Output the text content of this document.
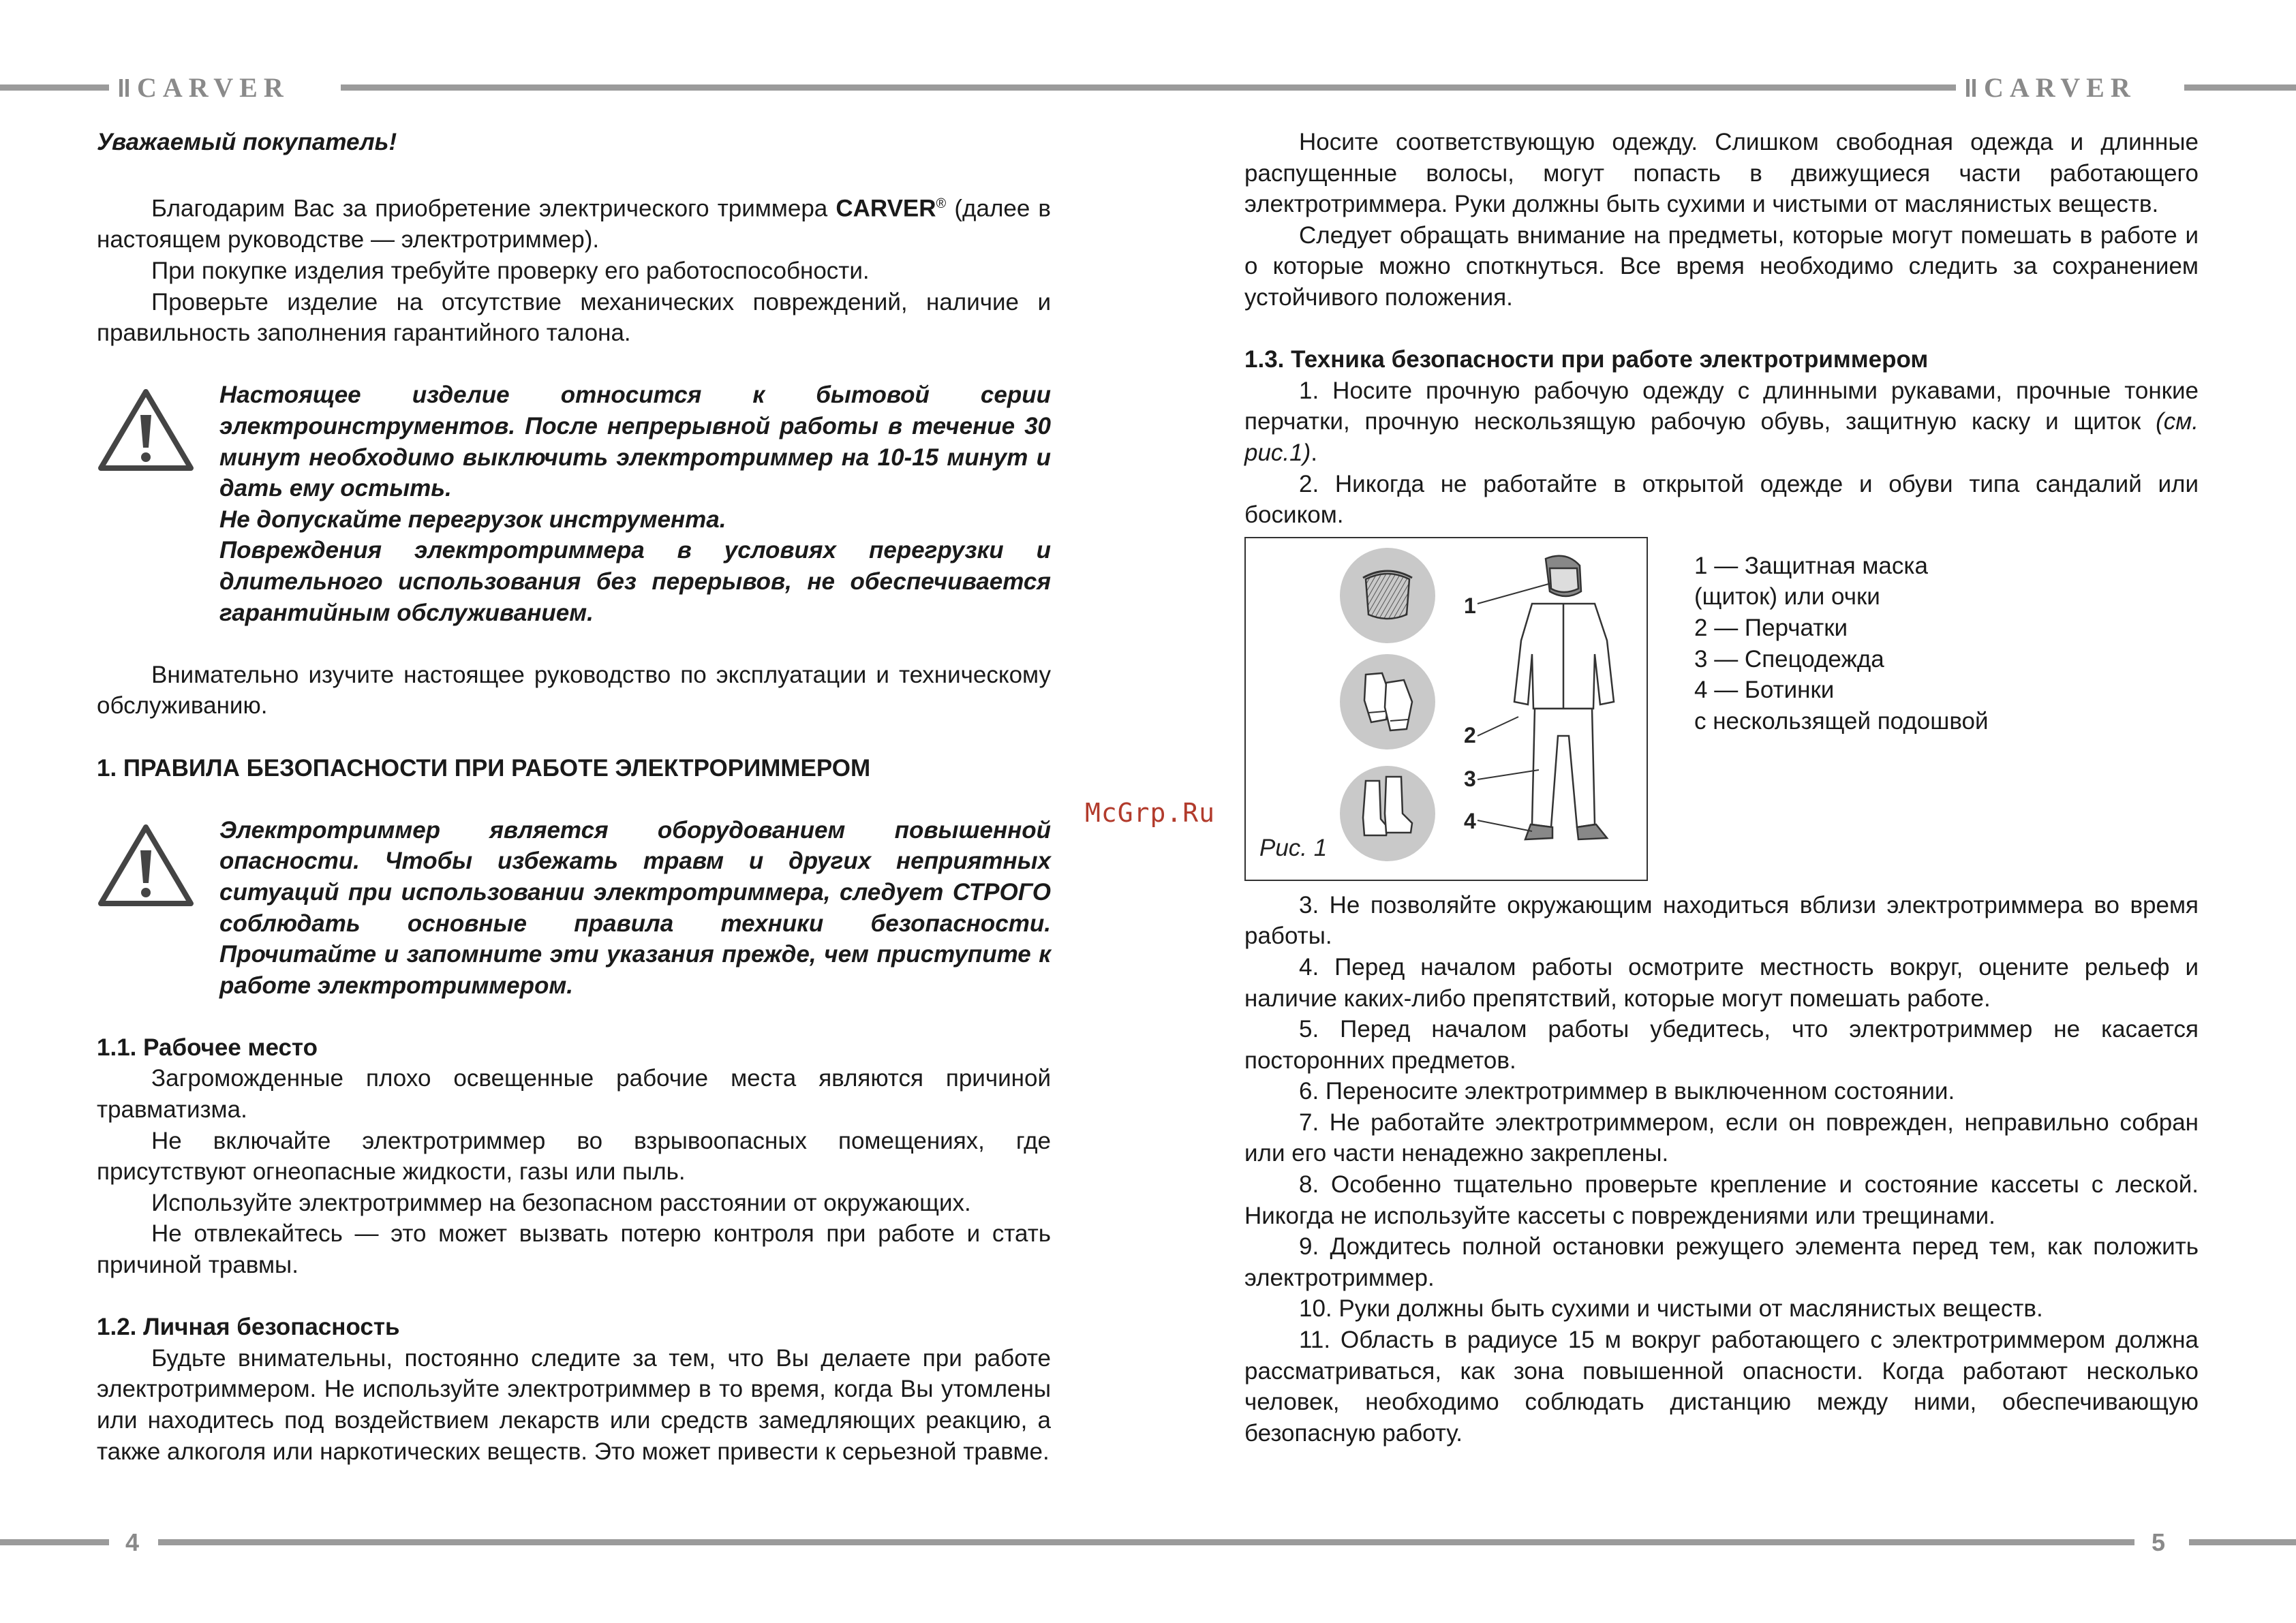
CARVER	CARVER
4	5
McGrp.Ru

Уважаемый покупатель!

Благодарим Вас за приобретение электрического триммера CARVER® (далее в настоящем руководстве — электротриммер).

При покупке изделия требуйте проверку его работоспособности.

Проверьте изделие на отсутствие механических повреждений, наличие и правильность заполнения гарантийного талона.

Настоящее изделие относится к бытовой серии электроинструментов. После непрерывной работы в течение 30 минут необходимо выключить электротриммер на 10-15 минут и дать ему остыть.

Не допускайте перегрузок инструмента.

Повреждения электротриммера в условиях перегрузки и длительного использования без перерывов, не обеспечивается гарантийным обслуживанием.

Внимательно изучите настоящее руководство по эксплуатации и техническому обслуживанию.

1. ПРАВИЛА БЕЗОПАСНОСТИ ПРИ РАБОТЕ ЭЛЕКТРОРИММЕРОМ

Электротриммер является оборудованием повышенной опасности. Чтобы избежать травм и других неприятных ситуаций при использовании электротриммера, следует СТРОГО соблюдать основные правила техники безопасности. Прочитайте и запомните эти указания прежде, чем приступите к работе электротриммером.

1.1. Рабочее место

Загроможденные плохо освещенные рабочие места являются причиной травматизма.

Не включайте электротриммер во взрывоопасных помещениях, где присутствуют огнеопасные жидкости, газы или пыль.

Используйте электротриммер на безопасном расстоянии от окружающих.

Не отвлекайтесь — это может вызвать потерю контроля при работе и стать причиной травмы.

1.2. Личная безопасность

Будьте внимательны, постоянно следите за тем, что Вы делаете при работе электротриммером. Не используйте электротриммер в то время, когда Вы утомлены или находитесь под воздействием лекарств или средств замедляющих реакцию, а также алкоголя или наркотических веществ. Это может привести к серьезной травме.

Носите соответствующую одежду. Слишком свободная одежда и длинные распущенные волосы, могут попасть в движущиеся части работающего электротриммера. Руки должны быть сухими и чистыми от маслянистых веществ.

Следует обращать внимание на предметы, которые могут помешать в работе и о которые можно споткнуться. Все время необходимо следить за сохранением устойчивого положения.

1.3. Техника безопасности при работе электротриммером

1. Носите прочную рабочую одежду с длинными рукавами, прочные тонкие перчатки, прочную нескользящую рабочую обувь, защитную каску и щиток (см. рис.1).

2. Никогда не работайте в открытой одежде и обуви типа сандалий или босиком.

1
2
3
4
Рис. 1
1 — Защитная маска
(щиток) или очки
2 — Перчатки
3 — Спецодежда
4 — Ботинки
с нескользящей подошвой

3. Не позволяйте окружающим находиться вблизи электротриммера во время работы.

4. Перед началом работы осмотрите местность вокруг, оцените рельеф и наличие каких-либо препятствий, которые могут помешать работе.

5. Перед началом работы убедитесь, что электротриммер не касается посторонних предметов.

6. Переносите электротриммер в выключенном состоянии.

7. Не работайте электротриммером, если он поврежден, неправильно собран или его части ненадежно закреплены.

8. Особенно тщательно проверьте крепление и состояние кассеты с леской. Никогда не используйте кассеты с повреждениями или трещинами.

9. Дождитесь полной остановки режущего элемента перед тем, как положить электротриммер.

10. Руки должны быть сухими и чистыми от маслянистых веществ.

11. Область в радиусе 15 м вокруг работающего с электротриммером должна рассматриваться, как зона повышенной опасности. Когда работают несколько человек, необходимо соблюдать дистанцию между ними, обеспечивающую безопасную работу.
